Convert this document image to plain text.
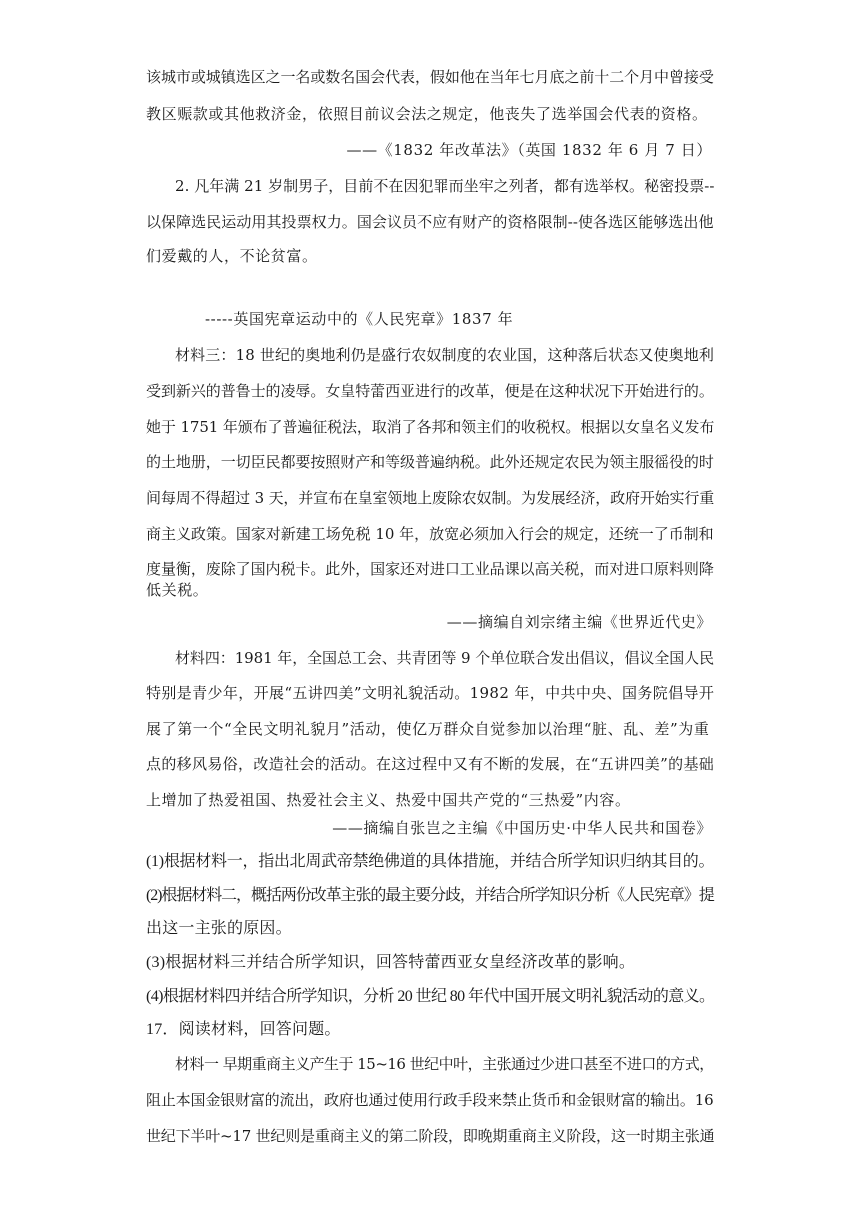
该城市或城镇选区之一名或数名国会代表，假如他在当年七月底之前十二个月中曾接受
教区赈款或其他救济金，依照目前议会法之规定，他丧失了选举国会代表的资格。
——《1832 年改革法》（英国 1832 年 6 月 7 日）
2. 凡年满 21 岁制男子，目前不在因犯罪而坐牢之列者，都有选举权。秘密投票--
以保障选民运动用其投票权力。国会议员不应有财产的资格限制--使各选区能够选出他
们爱戴的人，不论贫富。
-----英国宪章运动中的《人民宪章》1837 年
材料三：18 世纪的奥地利仍是盛行农奴制度的农业国，这种落后状态又使奥地利
受到新兴的普鲁士的凌辱。女皇特蕾西亚进行的改革，便是在这种状况下开始进行的。
她于 1751 年颁布了普遍征税法，取消了各邦和领主们的收税权。根据以女皇名义发布
的土地册，一切臣民都要按照财产和等级普遍纳税。此外还规定农民为领主服徭役的时
间每周不得超过 3 天，并宣布在皇室领地上废除农奴制。为发展经济，政府开始实行重
商主义政策。国家对新建工场免税 10 年，放宽必须加入行会的规定，还统一了币制和
度量衡，废除了国内税卡。此外，国家还对进口工业品课以高关税，而对进口原料则降
低关税。
——摘编自刘宗绪主编《世界近代史》
材料四：1981 年，全国总工会、共青团等 9 个单位联合发出倡议，倡议全国人民
特别是青少年，开展“五讲四美”文明礼貌活动。1982 年，中共中央、国务院倡导开
展了第一个“全民文明礼貌月”活动，使亿万群众自觉参加以治理“脏、乱、差”为重
点的移风易俗，改造社会的活动。在这过程中又有不断的发展，在“五讲四美”的基础
上增加了热爱祖国、热爱社会主义、热爱中国共产党的“三热爱”内容。
——摘编自张岂之主编《中国历史·中华人民共和国卷》
(1)根据材料一，指出北周武帝禁绝佛道的具体措施，并结合所学知识归纳其目的。
(2)根据材料二，概括两份改革主张的最主要分歧，并结合所学知识分析《人民宪章》提
出这一主张的原因。
(3)根据材料三并结合所学知识，回答特蕾西亚女皇经济改革的影响。
(4)根据材料四并结合所学知识，分析 20 世纪 80 年代中国开展文明礼貌活动的意义。
17．阅读材料，回答问题。
材料一 早期重商主义产生于 15~16 世纪中叶，主张通过少进口甚至不进口的方式，
阻止本国金银财富的流出，政府也通过使用行政手段来禁止货币和金银财富的输出。16
世纪下半叶~17 世纪则是重商主义的第二阶段，即晚期重商主义阶段，这一时期主张通
